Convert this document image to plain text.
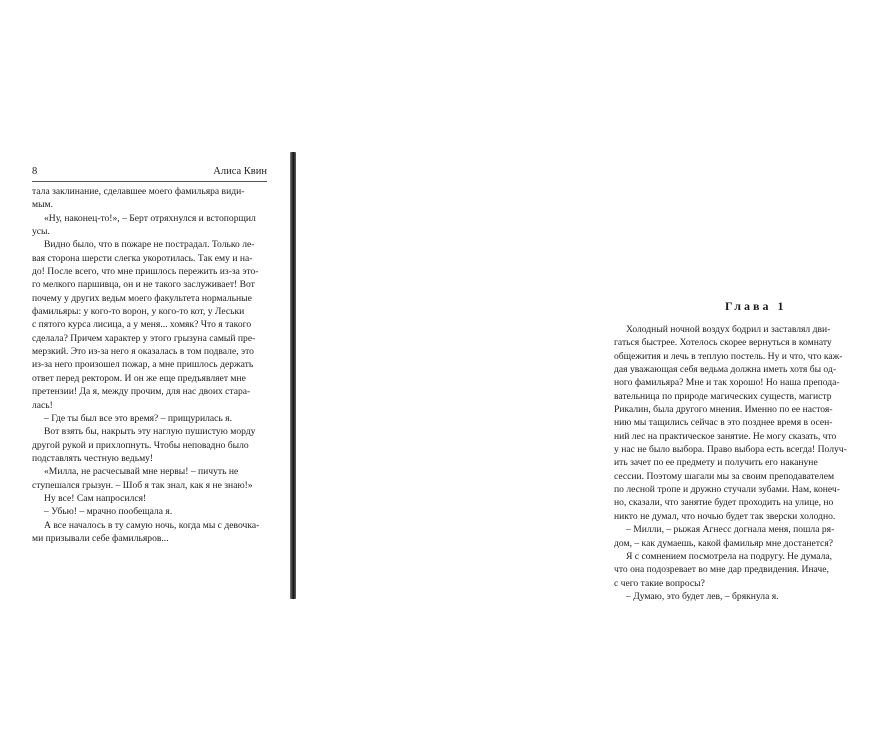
8	Алиса Квин

тала заклинание, сделавшее моего фамильяра види-
мым.

«Ну, наконец-то!», – Берт отряхнулся и встопорщил
усы.

Видно было, что в пожаре не пострадал. Только ле-
вая сторона шерсти слегка укоротилась. Так ему и на-
до! После всего, что мне пришлось пережить из-за это-
го мелкого паршивца, он и не такого заслуживает! Вот
почему у других ведьм моего факультета нормальные
фамильяры: у кого-то ворон, у кого-то кот, у Леськи
с пятого курса лисица, а у меня... хомяк? Что я такого
сделала? Причем характер у этого грызуна самый пре-
мерзкий. Это из-за него я оказалась в том подвале, это
из-за него произошел пожар, а мне пришлось держать
ответ перед ректором. И он же еще предъявляет мне
претензии! Да я, между прочим, для нас двоих стара-
лась!

– Где ты был все это время? – прищурилась я.

Вот взять бы, накрыть эту наглую пушистую морду
другой рукой и прихлопнуть. Чтобы неповадно было
подставлять честную ведьму!

«Милла, не расчесывай мне нервы! – пичуть не
ступешался грызун. – Шоб я так знал, как я не знаю!»

Ну все! Сам напросился!

– Убью! – мрачно пообещала я.

А все началось в ту самую ночь, когда мы с девочка-
ми призывали себе фамильяров...

Глава 1

Холодный ночной воздух бодрил и заставлял дви-
гаться быстрее. Хотелось скорее вернуться в комнату
общежития и лечь в теплую постель. Ну и что, что каж-
дая уважающая себя ведьма должна иметь хотя бы од-
ного фамильяра? Мне и так хорошо! Но наша препода-
вательница по природе магических существ, магистр
Рикалин, была другого мнения. Именно по ее настоя-
нию мы тащились сейчас в это позднее время в осен-
ний лес на практическое занятие. Не могу сказать, что
у нас не было выбора. Право выбора есть всегда! Получ-
ить зачет по ее предмету и получить его накануне
сессии. Поэтому шагали мы за своим преподавателем
по лесной тропе и дружно стучали зубами. Нам, конеч-
но, сказали, что занятие будет проходить на улице, но
никто не думал, что ночью будет так зверски холодно.

– Милли, – рыжая Агнесс догнала меня, пошла ря-
дом, – как думаешь, какой фамильяр мне достанется?

Я с сомнением посмотрела на подругу. Не думала,
что она подозревает во мне дар предвидения. Иначе,
с чего такие вопросы?

– Думаю, это будет лев, – брякнула я.
